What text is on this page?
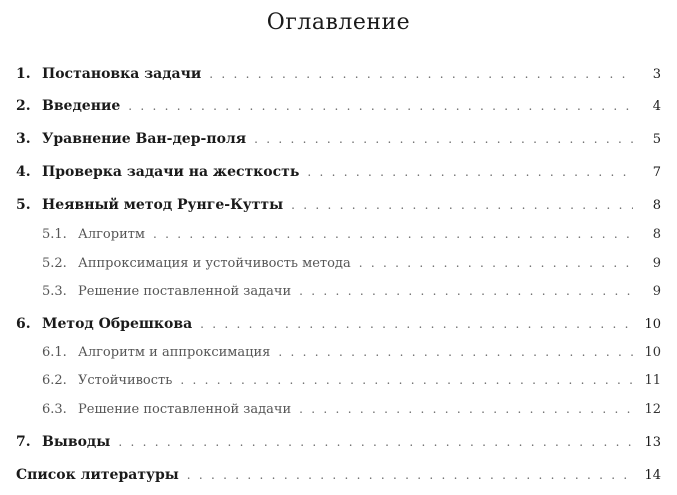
Оглавление
1. Постановка задачи . . .	3
2. Введение . . .	4
3. Уравнение Ван-дер-поля . . .	5
4. Проверка задачи на жесткость . . .	7
5. Неявный метод Рунге-Кутты . . .	8
5.1. Алгоритм . . .	8
5.2. Аппроксимация и устойчивость метода . . .	9
5.3. Решение поставленной задачи . . .	9
6. Метод Обрешкова . . .	10
6.1. Алгоритм и аппроксимация . . .	10
6.2. Устойчивость . . .	11
6.3. Решение поставленной задачи . . .	12
7. Выводы . . .	13
Список литературы . . .	14
